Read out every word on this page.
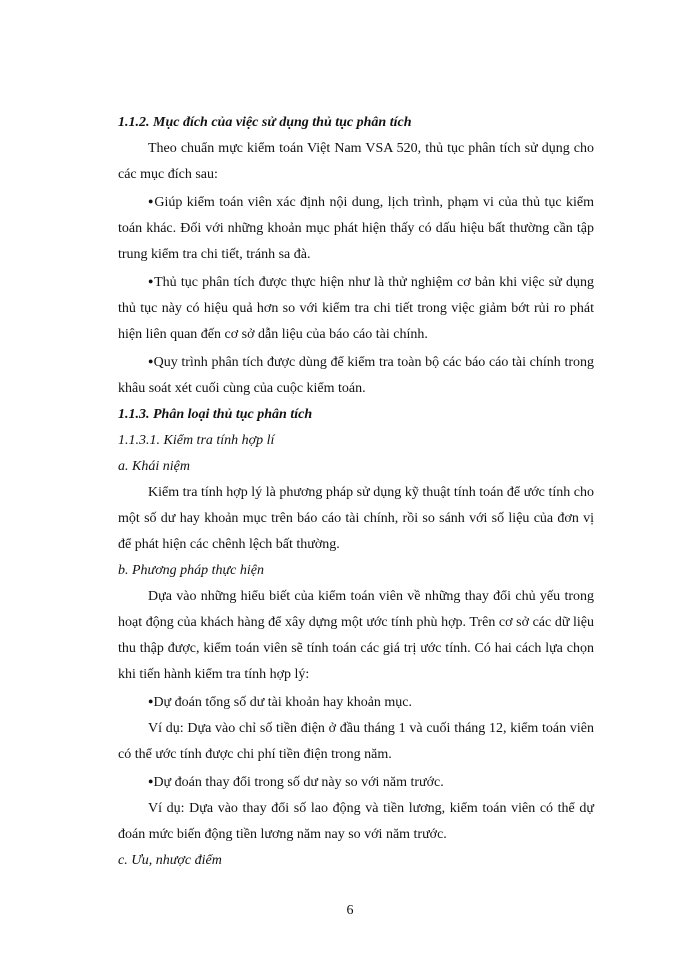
1.1.2. Mục đích của việc sử dụng thủ tục phân tích

Theo chuẩn mực kiểm toán Việt Nam VSA 520, thủ tục phân tích sử dụng cho các mục đích sau:

●Giúp kiểm toán viên xác định nội dung, lịch trình, phạm vi của thủ tục kiểm toán khác. Đối với những khoản mục phát hiện thấy có dấu hiệu bất thường cần tập trung kiểm tra chi tiết, tránh sa đà.

●Thủ tục phân tích được thực hiện như là thử nghiệm cơ bản khi việc sử dụng thủ tục này có hiệu quả hơn so với kiểm tra chi tiết trong việc giảm bớt rủi ro phát hiện liên quan đến cơ sở dẫn liệu của báo cáo tài chính.

●Quy trình phân tích được dùng để kiểm tra toàn bộ các báo cáo tài chính trong khâu soát xét cuối cùng của cuộc kiểm toán.

1.1.3. Phân loại thủ tục phân tích

1.1.3.1. Kiểm tra tính hợp lí

a. Khái niệm

Kiểm tra tính hợp lý là phương pháp sử dụng kỹ thuật tính toán để ước tính cho một số dư hay khoản mục trên báo cáo tài chính, rồi so sánh với số liệu của đơn vị để phát hiện các chênh lệch bất thường.

b. Phương pháp thực hiện

Dựa vào những hiểu biết của kiểm toán viên về những thay đổi chủ yếu trong hoạt động của khách hàng để xây dựng một ước tính phù hợp. Trên cơ sở các dữ liệu thu thập được, kiểm toán viên sẽ tính toán các giá trị ước tính. Có hai cách lựa chọn khi tiến hành kiểm tra tính hợp lý:

●Dự đoán tổng số dư tài khoản hay khoản mục.

Ví dụ: Dựa vào chỉ số tiền điện ở đầu tháng 1 và cuối tháng 12, kiểm toán viên có thể ước tính được chi phí tiền điện trong năm.

●Dự đoán thay đổi trong số dư này so với năm trước.

Ví dụ: Dựa vào thay đổi số lao động và tiền lương, kiểm toán viên có thể dự đoán mức biến động tiền lương năm nay so với năm trước.

c. Ưu, nhược điểm

6
